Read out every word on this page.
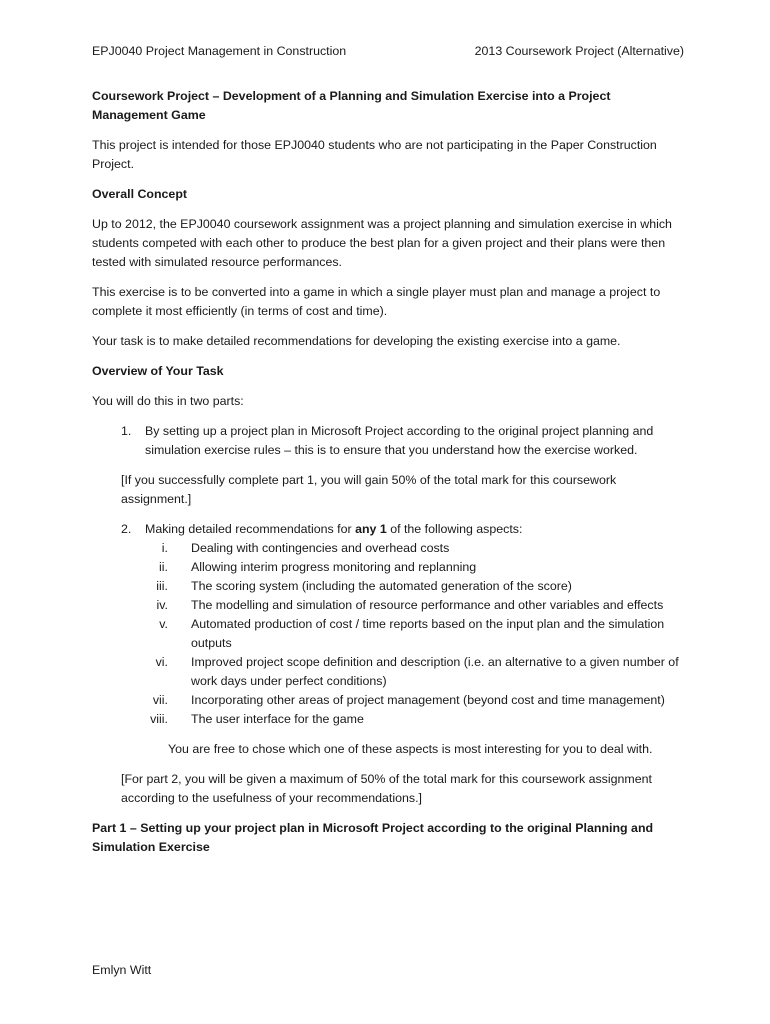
EPJ0040 Project Management in Construction	2013 Coursework Project (Alternative)

Coursework Project – Development of a Planning and Simulation Exercise into a Project Management Game

This project is intended for those EPJ0040 students who are not participating in the Paper Construction Project.

Overall Concept

Up to 2012, the EPJ0040 coursework assignment was a project planning and simulation exercise in which students competed with each other to produce the best plan for a given project and their plans were then tested with simulated resource performances.

This exercise is to be converted into a game in which a single player must plan and manage a project to complete it most efficiently (in terms of cost and time).

Your task is to make detailed recommendations for developing the existing exercise into a game.

Overview of Your Task

You will do this in two parts:

1. By setting up a project plan in Microsoft Project according to the original project planning and simulation exercise rules – this is to ensure that you understand how the exercise worked.

[If you successfully complete part 1, you will gain 50% of the total mark for this coursework assignment.]

2. Making detailed recommendations for any 1 of the following aspects:
i. Dealing with contingencies and overhead costs
ii. Allowing interim progress monitoring and replanning
iii. The scoring system (including the automated generation of the score)
iv. The modelling and simulation of resource performance and other variables and effects
v. Automated production of cost / time reports based on the input plan and the simulation outputs
vi. Improved project scope definition and description (i.e. an alternative to a given number of work days under perfect conditions)
vii. Incorporating other areas of project management (beyond cost and time management)
viii. The user interface for the game

You are free to chose which one of these aspects is most interesting for you to deal with.

[For part 2, you will be given a maximum of 50% of the total mark for this coursework assignment according to the usefulness of your recommendations.]

Part 1 – Setting up your project plan in Microsoft Project according to the original Planning and Simulation Exercise

Emlyn Witt
